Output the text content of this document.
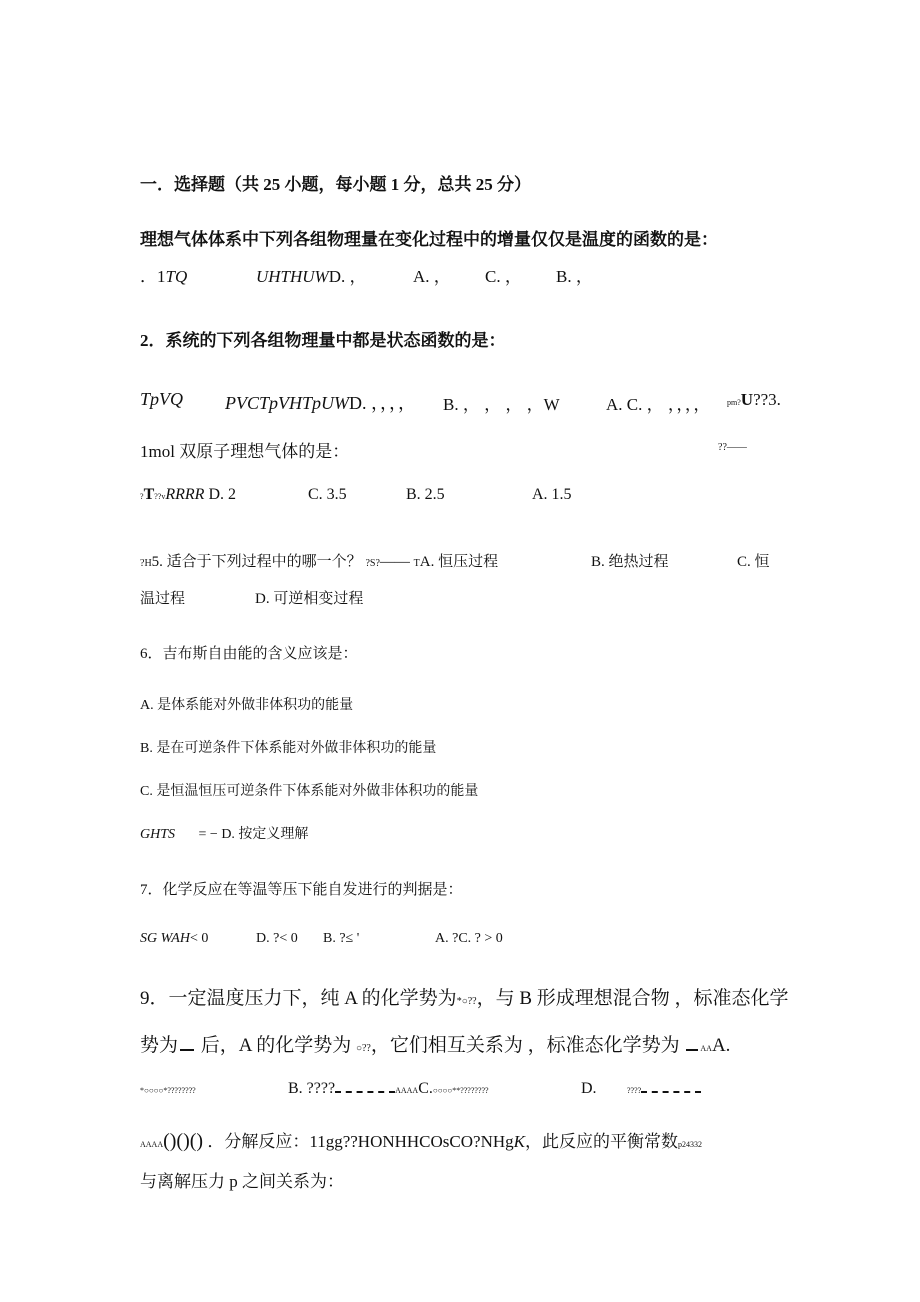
一．选择题（共 25 小题，每小题 1 分，总共 25 分）
理想气体体系中下列各组物理量在变化过程中的增量仅仅是温度的函数的是：
．1TQ	UHTHUWD. ，	A. ， C. ， B. ，
2．系统的下列各组物理量中都是状态函数的是：
TpVQ PVCTpVHTpUWD. ，，，， B. ， ， ， ，W	A. C. ， ，，，， pm?U??3.
1mol 双原子理想气体的是：	??——
?T??vRRRR D. 2	C. 3.5	B. 2.5	A. 1.5
?H5. 适合于下列过程中的哪一个？ ?S?—— TA. 恒压过程	B. 绝热过程	C. 恒
温过程	D. 可逆相变过程
6．吉布斯自由能的含义应该是：
A. 是体系能对外做非体积功的能量
B. 是在可逆条件下体系能对外做非体积功的能量
C. 是恒温恒压可逆条件下体系能对外做非体积功的能量
GHTS = − D. 按定义理解
7．化学反应在等温等压下能自发进行的判据是：
SG WAH< 0	D. ?< 0 B. ?≤ '	A. ?C. ? > 0
9．一定温度压力下，纯 A 的化学势为*○??，与 B 形成理想混合物 ，标准态化学
势为 后，A 的化学势为 ○??，它们相互关系为 ，标准态化学势为 AAA.
*○○○○*????????	B. ????	AAAAC.○○○○**????????	D.	????
AAAA()()() ．分解反应：11gg??HONHHCOsCO?NHgK，此反应的平衡常数p24332
与离解压力 p 之间关系为：
